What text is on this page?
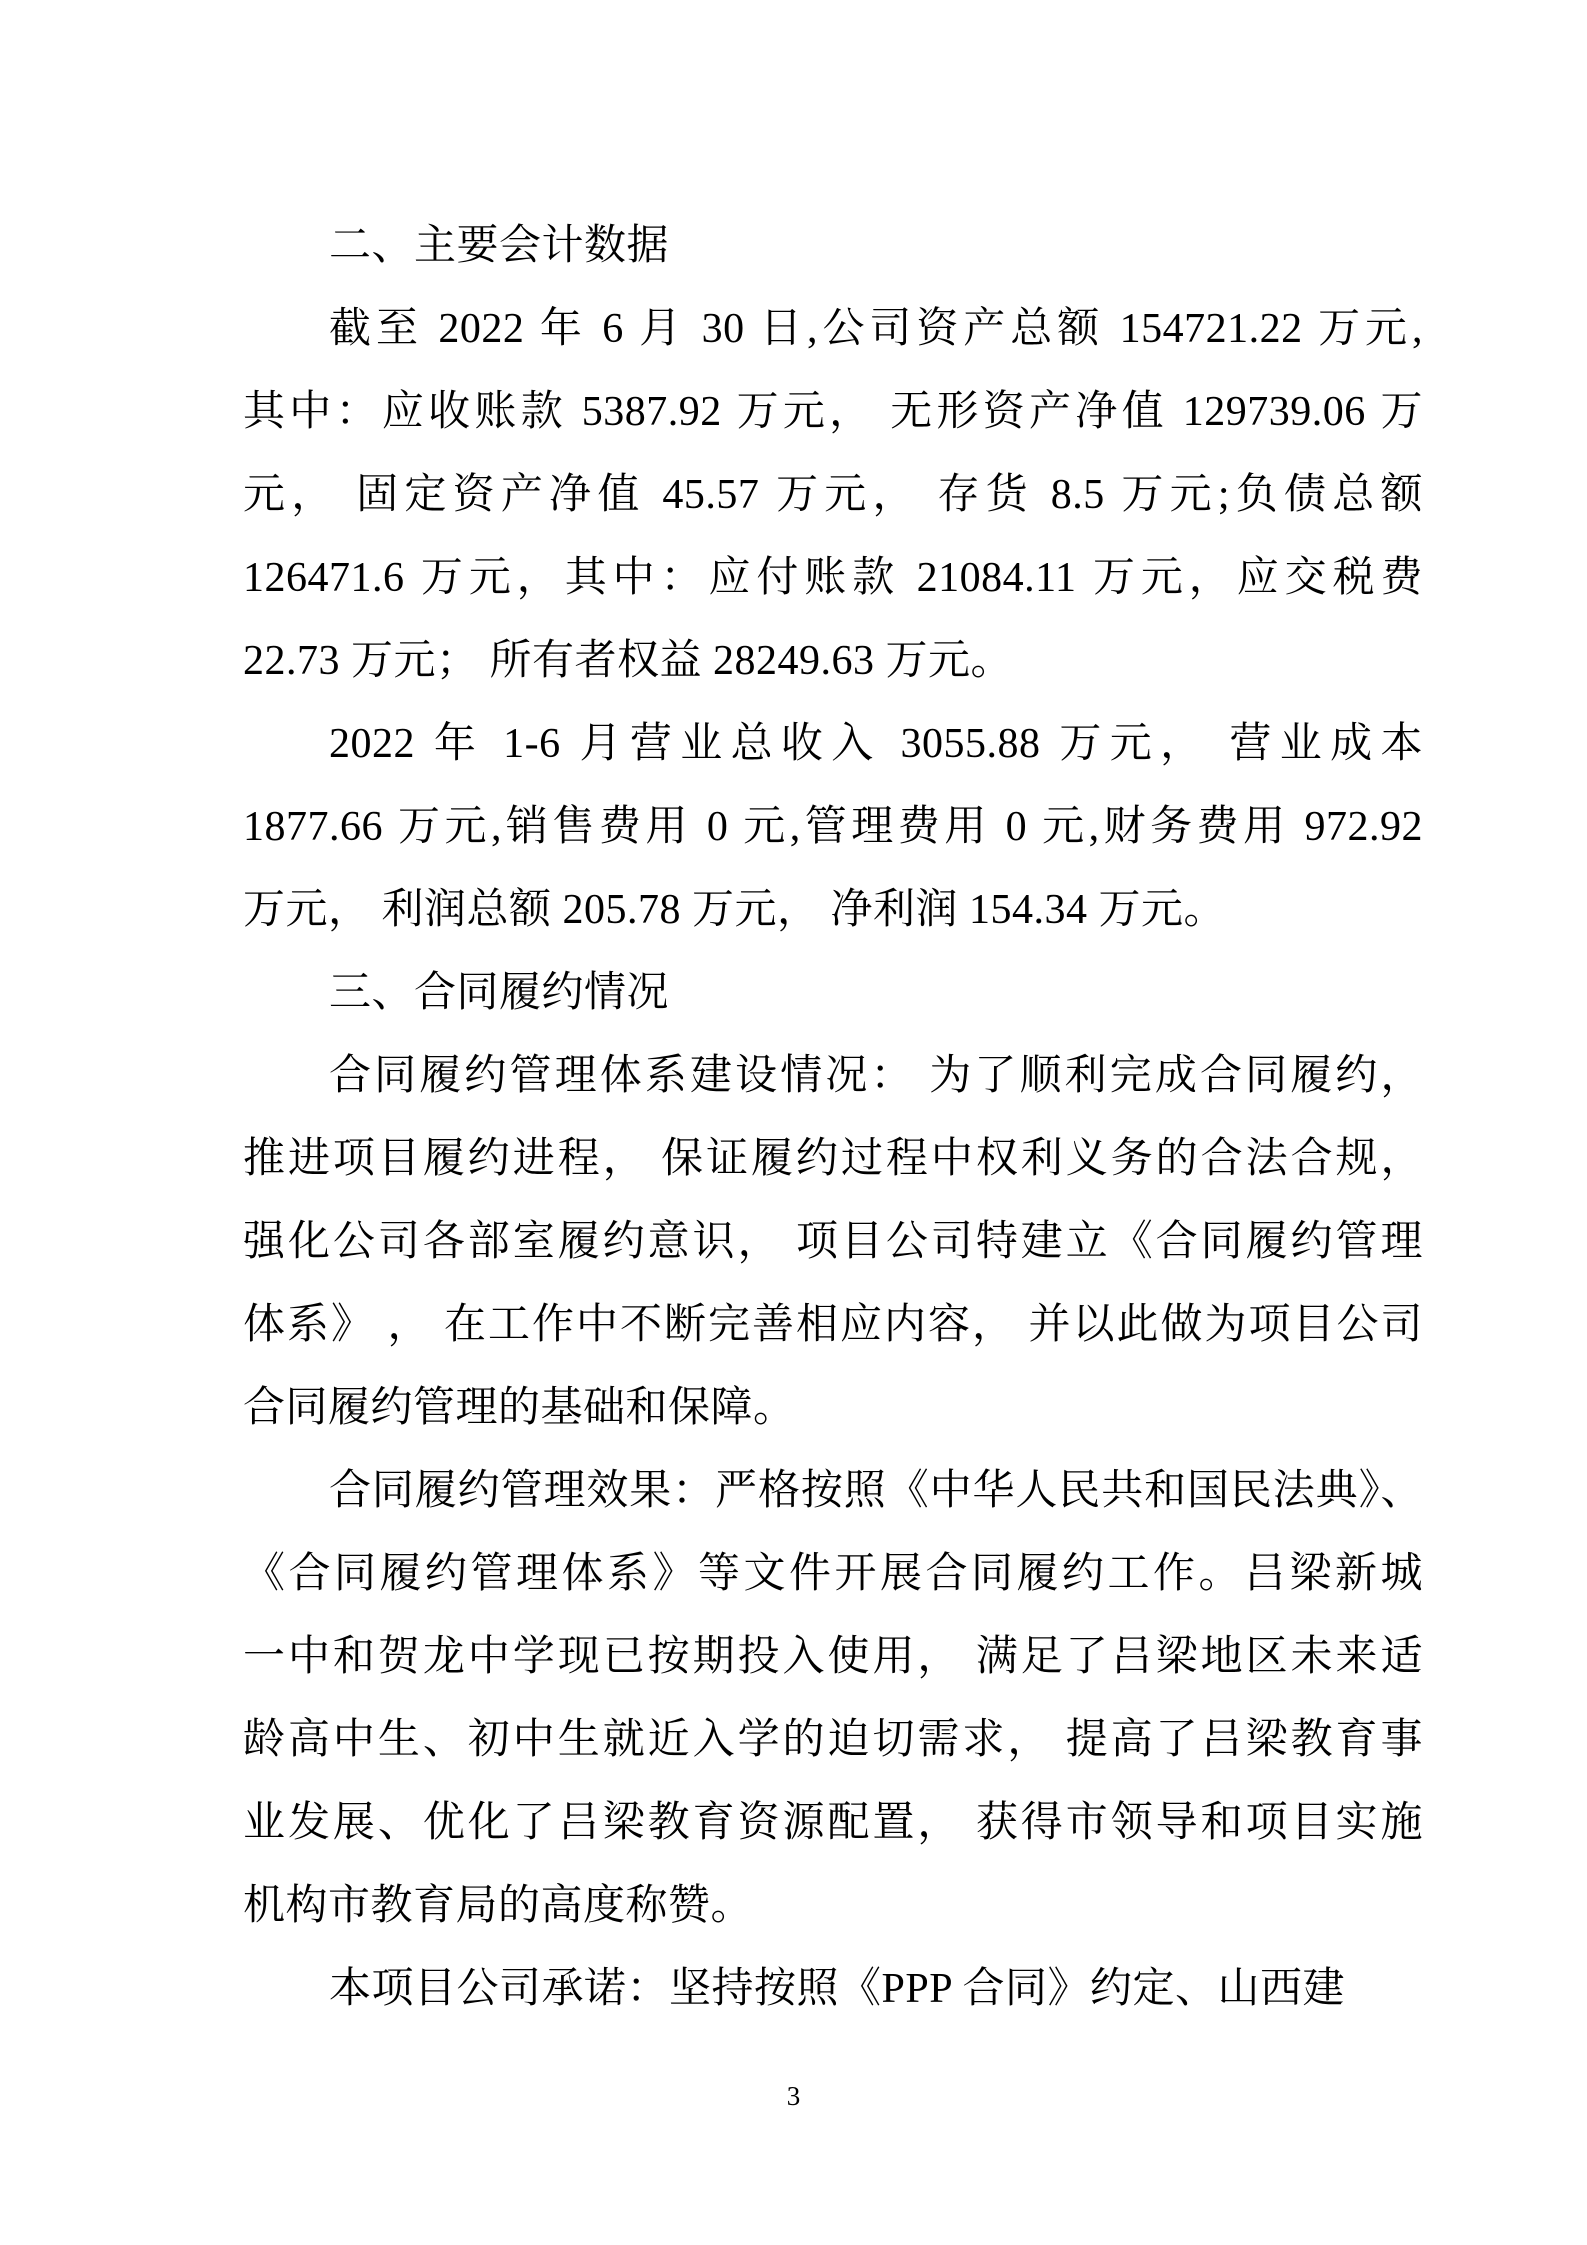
二、主要会计数据
截至 2022 年 6 月 30 日,公司资产总额 154721.22 万元,
其中：应收账款 5387.92 万元， 无形资产净值 129739.06 万
元， 固定资产净值 45.57 万元， 存货 8.5 万元;负债总额
126471.6 万元，其中：应付账款 21084.11 万元，应交税费
22.73 万元； 所有者权益 28249.63 万元。
2022 年 1-6 月营业总收入 3055.88 万元， 营业成本
1877.66 万元,销售费用 0 元,管理费用 0 元,财务费用 972.92
万元， 利润总额 205.78 万元， 净利润 154.34 万元。
三、合同履约情况
合同履约管理体系建设情况： 为了顺利完成合同履约，
推进项目履约进程， 保证履约过程中权利义务的合法合规，
强化公司各部室履约意识， 项目公司特建立《合同履约管理
体系》 ， 在工作中不断完善相应内容， 并以此做为项目公司
合同履约管理的基础和保障。
合同履约管理效果：严格按照《中华人民共和国民法典》、
《合同履约管理体系》等文件开展合同履约工作。吕梁新城
一中和贺龙中学现已按期投入使用， 满足了吕梁地区未来适
龄高中生、初中生就近入学的迫切需求， 提高了吕梁教育事
业发展、优化了吕梁教育资源配置， 获得市领导和项目实施
机构市教育局的高度称赞。
本项目公司承诺：坚持按照《PPP 合同》约定、山西建
3
